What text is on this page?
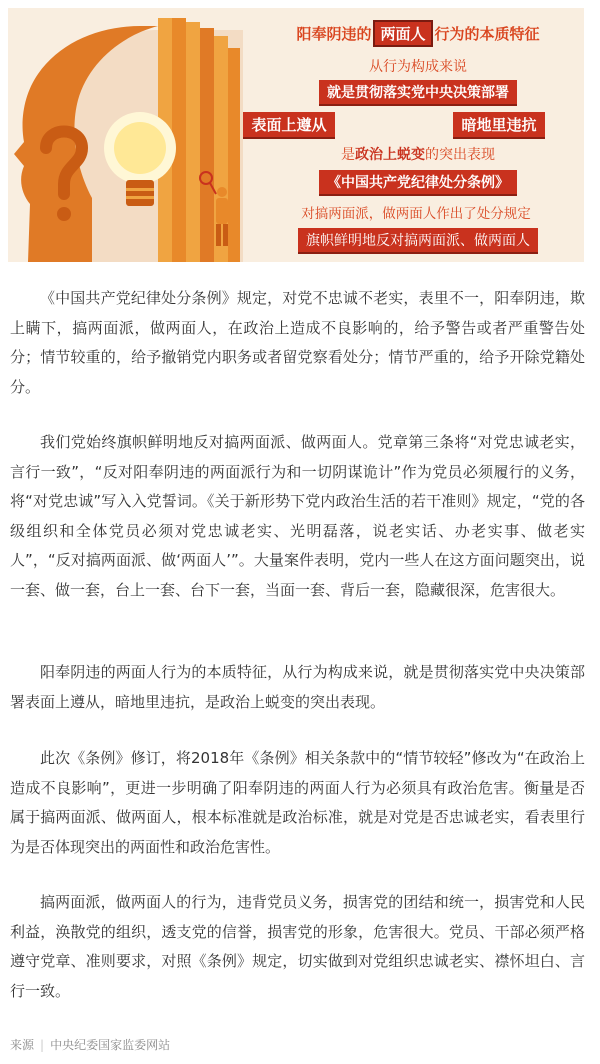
阳奉阴违的 两面人 行为的本质特征
从行为构成来说
就是贯彻落实党中央决策部署
表面上遵从	暗地里违抗
是政治上蜕变的突出表现
《中国共产党纪律处分条例》
对搞两面派，做两面人作出了处分规定
旗帜鲜明地反对搞两面派、做两面人

《中国共产党纪律处分条例》规定，对党不忠诚不老实，表里不一，阳奉阴违，欺上瞒下，搞两面派，做两面人，在政治上造成不良影响的，给予警告或者严重警告处分；情节较重的，给予撤销党内职务或者留党察看处分；情节严重的，给予开除党籍处分。

我们党始终旗帜鲜明地反对搞两面派、做两面人。党章第三条将“对党忠诚老实，言行一致”，“反对阳奉阴违的两面派行为和一切阴谋诡计”作为党员必须履行的义务，将“对党忠诚”写入入党誓词。《关于新形势下党内政治生活的若干准则》规定，“党的各级组织和全体党员必须对党忠诚老实、光明磊落，说老实话、办老实事、做老实人”，“反对搞两面派、做‘两面人’”。大量案件表明，党内一些人在这方面问题突出，说一套、做一套，台上一套、台下一套，当面一套、背后一套，隐藏很深，危害很大。

阳奉阴违的两面人行为的本质特征，从行为构成来说，就是贯彻落实党中央决策部署表面上遵从，暗地里违抗，是政治上蜕变的突出表现。

此次《条例》修订，将2018年《条例》相关条款中的“情节较轻”修改为“在政治上造成不良影响”，更进一步明确了阳奉阴违的两面人行为必须具有政治危害。衡量是否属于搞两面派、做两面人，根本标准就是政治标准，就是对党是否忠诚老实，看表里行为是否体现突出的两面性和政治危害性。

搞两面派，做两面人的行为，违背党员义务，损害党的团结和统一，损害党和人民利益，涣散党的组织，透支党的信誉，损害党的形象，危害很大。党员、干部必须严格遵守党章、准则要求，对照《条例》规定，切实做到对党组织忠诚老实、襟怀坦白、言行一致。

来源 | 中央纪委国家监委网站
